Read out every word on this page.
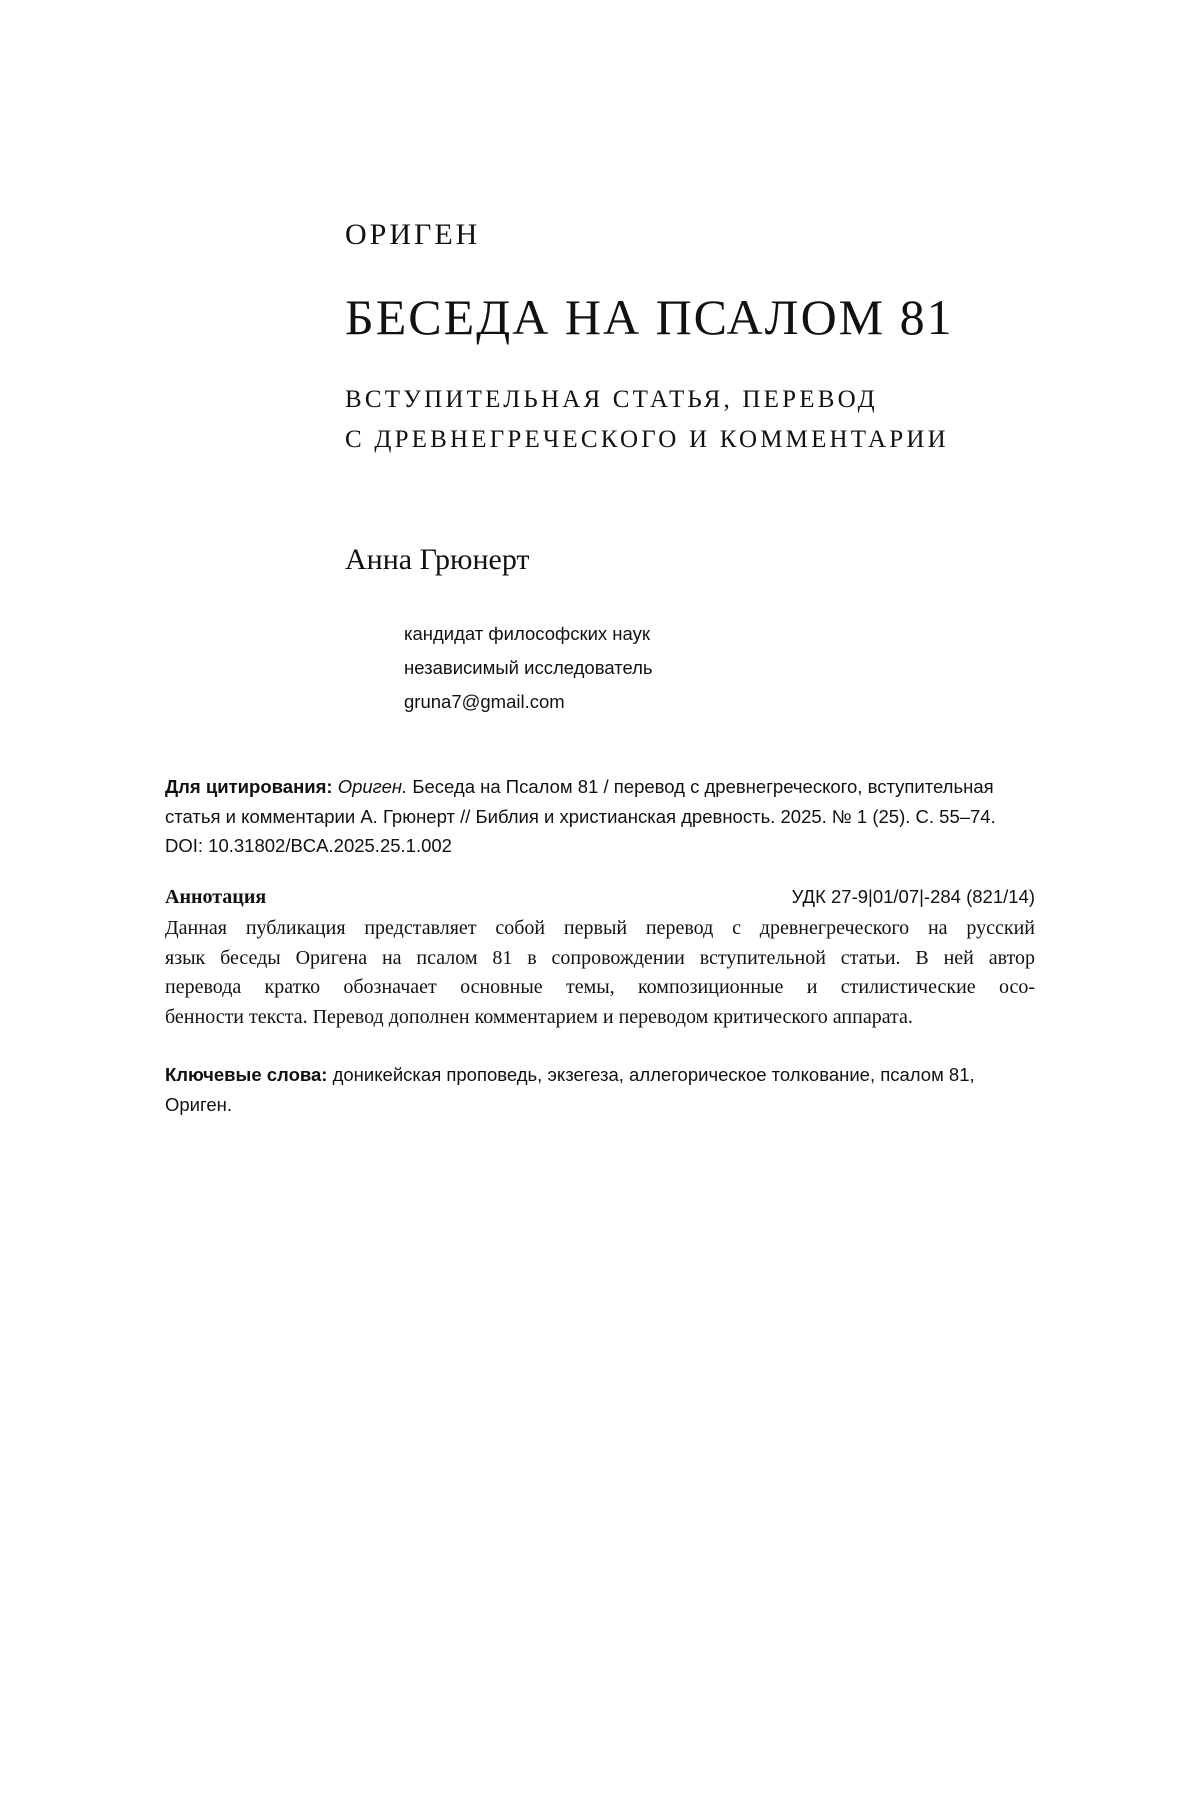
ОРИГЕН
БЕСЕДА НА ПСАЛОМ 81
ВСТУПИТЕЛЬНАЯ СТАТЬЯ, ПЕРЕВОД
С ДРЕВНЕГРЕЧЕСКОГО И КОММЕНТАРИИ
Анна Грюнерт
кандидат философских наук
независимый исследователь
gruna7@gmail.com
Для цитирования: Ориген. Беседа на Псалом 81 / перевод с древнегреческого, вступительная
статья и комментарии А. Грюнерт // Библия и христианская древность. 2025. № 1 (25). С. 55–74.
DOI: 10.31802/BCA.2025.25.1.002
Аннотация	УДК 27-9|01/07|-284 (821/14)
Данная публикация представляет собой первый перевод с древнегреческого на русский
язык беседы Оригена на псалом 81 в сопровождении вступительной статьи. В ней автор
перевода кратко обозначает основные темы, композиционные и стилистические осо-
бенности текста. Перевод дополнен комментарием и переводом критического аппарата.
Ключевые слова: доникейская проповедь, экзегеза, аллегорическое толкование, псалом 81,
Ориген.
